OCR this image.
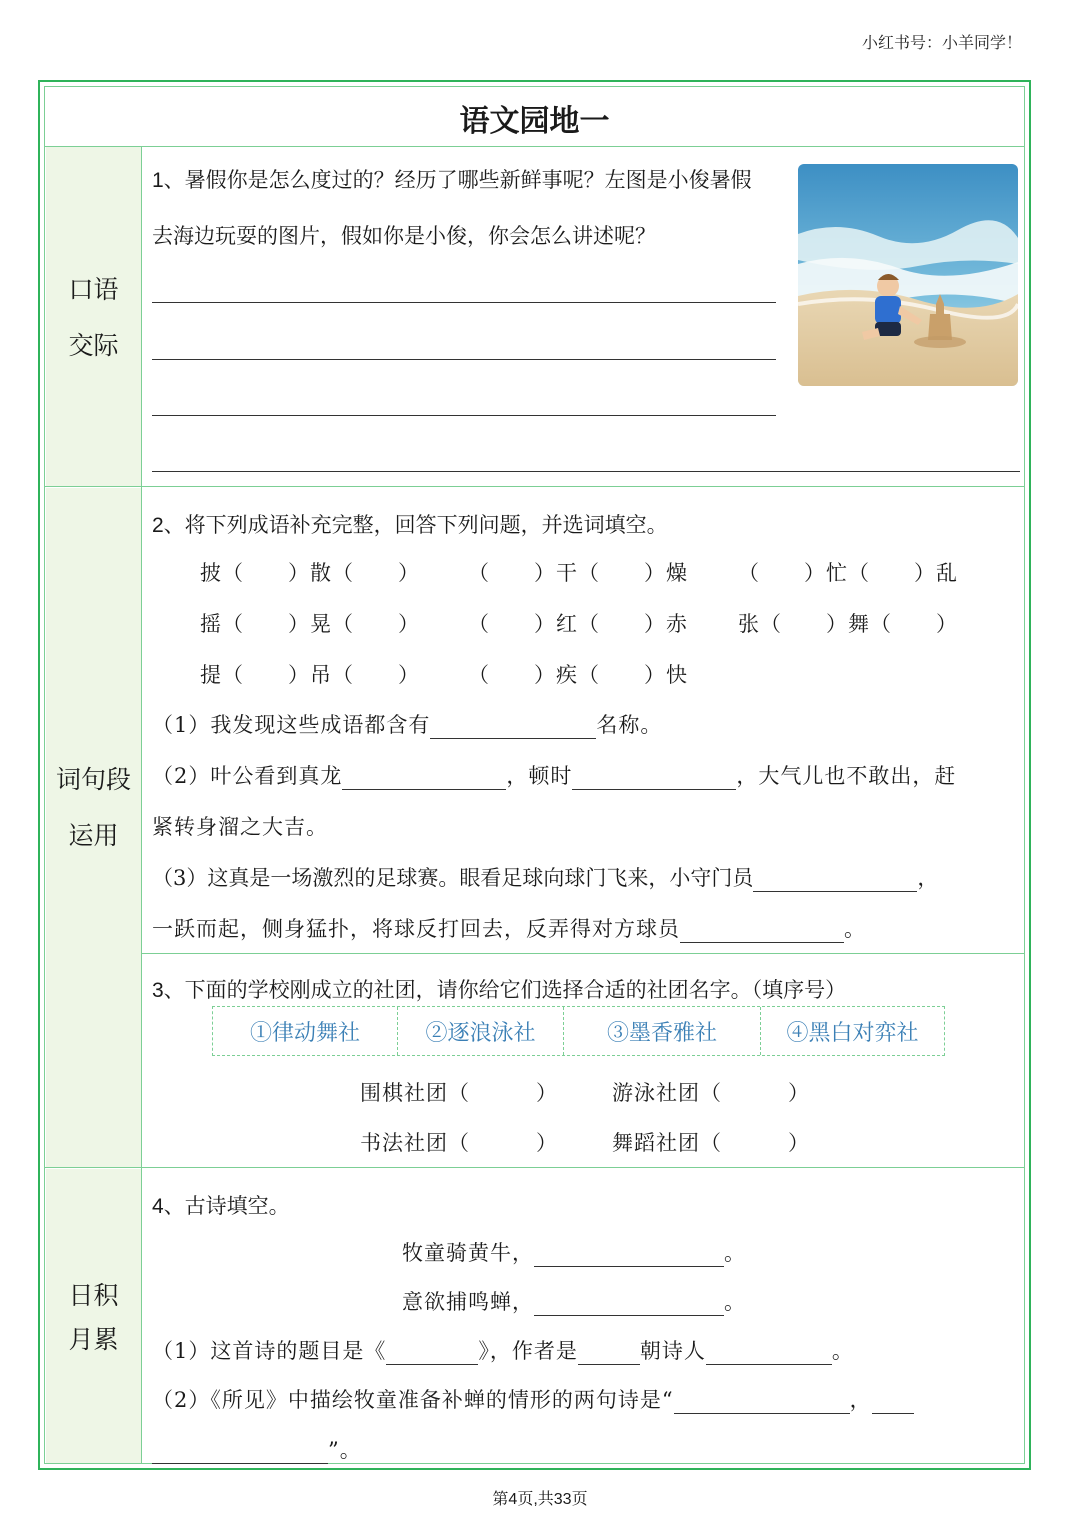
小红书号：小羊同学！
语文园地一
口语
交际
词句段
运用
日积
月累
1、暑假你是怎么度过的？经历了哪些新鲜事呢？左图是小俊暑假
去海边玩耍的图片，假如你是小俊，你会怎么讲述呢？
2、将下列成语补充完整，回答下列问题，并选词填空。
披（　　）散（　　） （　　）干（　　）燥 （　　）忙（　　）乱
摇（　　）晃（　　） （　　）红（　　）赤 张（　　）舞（　　）
提（　　）吊（　　） （　　）疾（　　）快
（1）我发现这些成语都含有	名称。
（2）叶公看到真龙	，顿时	，大气儿也不敢出，赶
紧转身溜之大吉。
（3）这真是一场激烈的足球赛。眼看足球向球门飞来，小守门员	，
一跃而起，侧身猛扑，将球反打回去，反弄得对方球员	。
3、下面的学校刚成立的社团，请你给它们选择合适的社团名字。（填序号）
①律动舞社	②逐浪泳社	③墨香雅社	④黑白对弈社
围棋社团（　　　）	游泳社团（　　　）
书法社团（　　　）	舞蹈社团（　　　）
4、古诗填空。
牧童骑黄牛，	。
意欲捕鸣蝉，	。
（1）这首诗的题目是《	》，作者是	朝诗人	。
（2）《所见》中描绘牧童准备补蝉的情形的两句诗是“	，
”。
第4页,共33页
